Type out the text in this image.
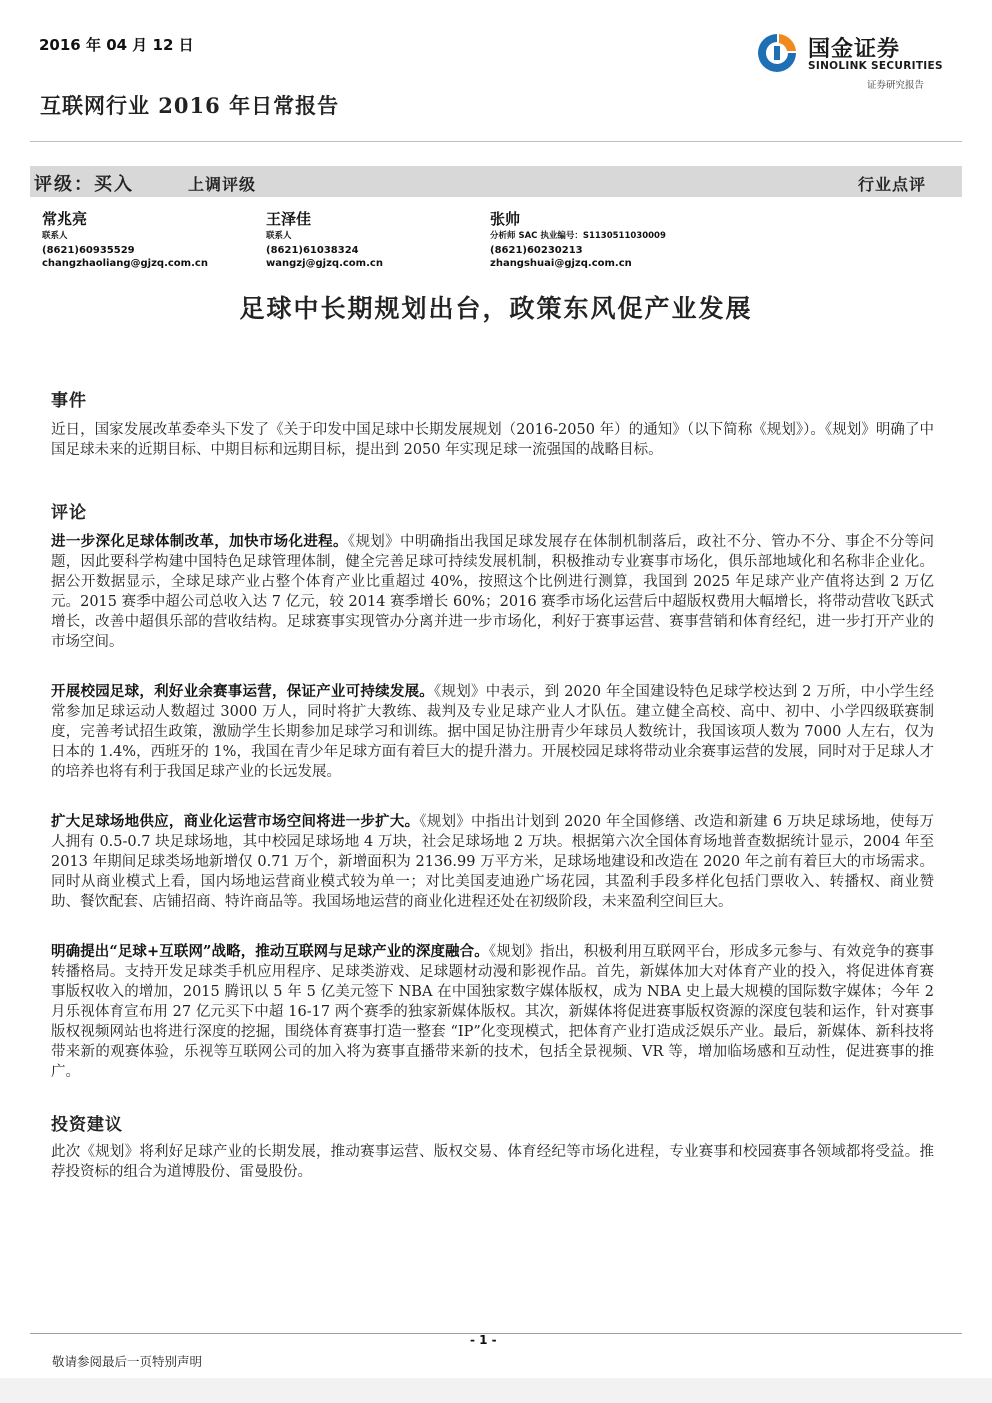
2016 年 04 月 12 日
互联网行业 2016 年日常报告
国金证券
SINOLINK SECURITIES
证券研究报告
评级：买入	上调评级	行业点评
常兆亮
联系人
(8621)60935529
changzhaoliang@gjzq.com.cn
王泽佳
联系人
(8621)61038324
wangzj@gjzq.com.cn
张帅
分析师 SAC 执业编号：S1130511030009
(8621)60230213
zhangshuai@gjzq.com.cn
足球中长期规划出台，政策东风促产业发展
事件
近日，国家发展改革委牵头下发了《关于印发中国足球中长期发展规划（2016-2050 年）的通知》（以下简称《规划》）。《规划》明确了中国足球未来的近期目标、中期目标和远期目标，提出到 2050 年实现足球一流强国的战略目标。
评论
进一步深化足球体制改革，加快市场化进程。《规划》中明确指出我国足球发展存在体制机制落后，政社不分、管办不分、事企不分等问题，因此要科学构建中国特色足球管理体制，健全完善足球可持续发展机制，积极推动专业赛事市场化，俱乐部地域化和名称非企业化。据公开数据显示，全球足球产业占整个体育产业比重超过 40%，按照这个比例进行测算，我国到 2025 年足球产业产值将达到 2 万亿元。2015 赛季中超公司总收入达 7 亿元，较 2014 赛季增长 60%；2016 赛季市场化运营后中超版权费用大幅增长，将带动营收飞跃式增长，改善中超俱乐部的营收结构。足球赛事实现管办分离并进一步市场化，利好于赛事运营、赛事营销和体育经纪，进一步打开产业的市场空间。
开展校园足球，利好业余赛事运营，保证产业可持续发展。《规划》中表示，到 2020 年全国建设特色足球学校达到 2 万所，中小学生经常参加足球运动人数超过 3000 万人，同时将扩大教练、裁判及专业足球产业人才队伍。建立健全高校、高中、初中、小学四级联赛制度，完善考试招生政策，激励学生长期参加足球学习和训练。据中国足协注册青少年球员人数统计，我国该项人数为 7000 人左右，仅为日本的 1.4%，西班牙的 1%，我国在青少年足球方面有着巨大的提升潜力。开展校园足球将带动业余赛事运营的发展，同时对于足球人才的培养也将有利于我国足球产业的长远发展。
扩大足球场地供应，商业化运营市场空间将进一步扩大。《规划》中指出计划到 2020 年全国修缮、改造和新建 6 万块足球场地，使每万人拥有 0.5-0.7 块足球场地，其中校园足球场地 4 万块，社会足球场地 2 万块。根据第六次全国体育场地普查数据统计显示，2004 年至 2013 年期间足球类场地新增仅 0.71 万个，新增面积为 2136.99 万平方米，足球场地建设和改造在 2020 年之前有着巨大的市场需求。同时从商业模式上看，国内场地运营商业模式较为单一；对比美国麦迪逊广场花园，其盈利手段多样化包括门票收入、转播权、商业赞助、餐饮配套、店铺招商、特许商品等。我国场地运营的商业化进程还处在初级阶段，未来盈利空间巨大。
明确提出“足球+互联网”战略，推动互联网与足球产业的深度融合。《规划》指出，积极利用互联网平台，形成多元参与、有效竞争的赛事转播格局。支持开发足球类手机应用程序、足球类游戏、足球题材动漫和影视作品。首先，新媒体加大对体育产业的投入，将促进体育赛事版权收入的增加，2015 腾讯以 5 年 5 亿美元签下 NBA 在中国独家数字媒体版权，成为 NBA 史上最大规模的国际数字媒体；今年 2 月乐视体育宣布用 27 亿元买下中超 16-17 两个赛季的独家新媒体版权。其次，新媒体将促进赛事版权资源的深度包装和运作，针对赛事版权视频网站也将进行深度的挖掘，围绕体育赛事打造一整套 “IP”化变现模式，把体育产业打造成泛娱乐产业。最后，新媒体、新科技将带来新的观赛体验，乐视等互联网公司的加入将为赛事直播带来新的技术，包括全景视频、VR 等，增加临场感和互动性，促进赛事的推广。
投资建议
此次《规划》将利好足球产业的长期发展，推动赛事运营、版权交易、体育经纪等市场化进程，专业赛事和校园赛事各领域都将受益。推荐投资标的组合为道博股份、雷曼股份。
- 1 -
敬请参阅最后一页特别声明
